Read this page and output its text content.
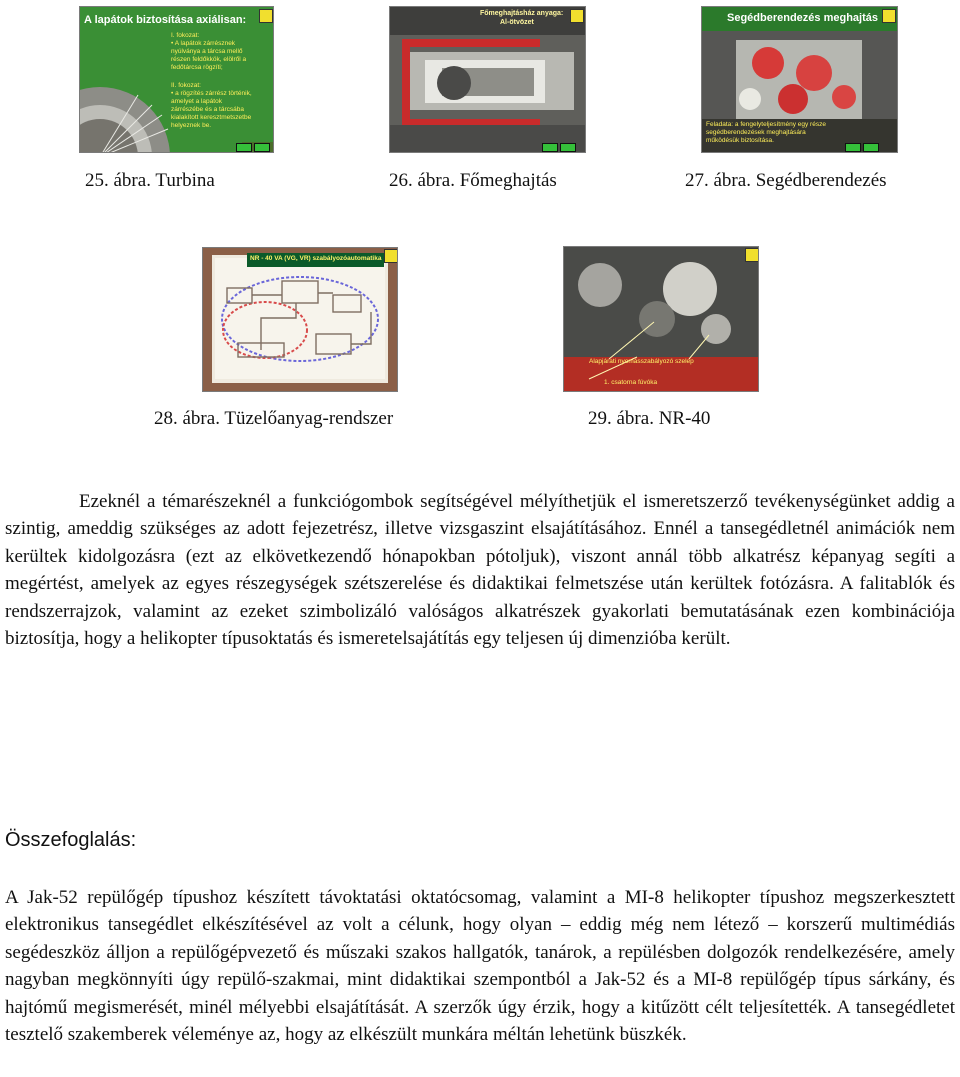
A lapátok biztosítása axiálisan:
I. fokozat:
• A lapátok zárrésznek
nyúlványa a tárcsa mellő
részen feldőkkök, elölről a
fedőtárcsa rögzíti;
II. fokozat:
• a rögzítés zárrész történik,
amelyet a lapátok
zárrészébe és a tárcsába
kialakított keresztmetszetbe
helyeznek be.
Főmeghajtásház anyaga:
Al-ötvözet	Segédberendezés meghajtás
Feladata: a fengelyteljesítmény egy része
segédberendezések meghajtására
működésük biztosítása.
25. ábra. Turbina	26. ábra. Főmeghajtás	27. ábra. Segédberendezés
NR - 40 VA (VG, VR) szabályozóautomatika
Alapjárati nyomásszabályozó szelep
1. csatorna fúvóka
28. ábra. Tüzelőanyag-rendszer	29. ábra. NR-40

Ezeknél a témarészeknél a funkciógombok segítségével mélyíthetjük el ismeretszerző tevékenységünket addig a szintig, ameddig szükséges az adott fejezetrész, illetve vizsgaszint elsajátításához. Ennél a tansegédletnél animációk nem kerültek kidolgozásra (ezt az elkövetkezendő hónapokban pótoljuk), viszont annál több alkatrész képanyag segíti a megértést, amelyek az egyes részegységek szétszerelése és didaktikai felmetszése után kerültek fotózásra. A falitablók és rendszerrajzok, valamint az ezeket szimbolizáló valóságos alkatrészek gyakorlati bemutatásának ezen kombinációja biztosítja, hogy a helikopter típusoktatás és ismeretelsajátítás egy teljesen új dimenzióba került.

Összefoglalás:

A Jak-52 repülőgép típushoz készített távoktatási oktatócsomag, valamint a MI-8 helikopter típushoz megszerkesztett elektronikus tansegédlet elkészítésével az volt a célunk, hogy olyan – eddig még nem létező – korszerű multimédiás segédeszköz álljon a repülőgépvezető és műszaki szakos hallgatók, tanárok, a repülésben dolgozók rendelkezésére, amely nagyban megkönnyíti úgy repülő-szakmai, mint didaktikai szempontból a Jak-52 és a MI-8 repülőgép típus sárkány, és hajtómű megismerését, minél mélyebbi elsajátítását. A szerzők úgy érzik, hogy a kitűzött célt teljesítették. A tansegédletet tesztelő szakemberek véleménye az, hogy az elkészült munkára méltán lehetünk büszkék.
